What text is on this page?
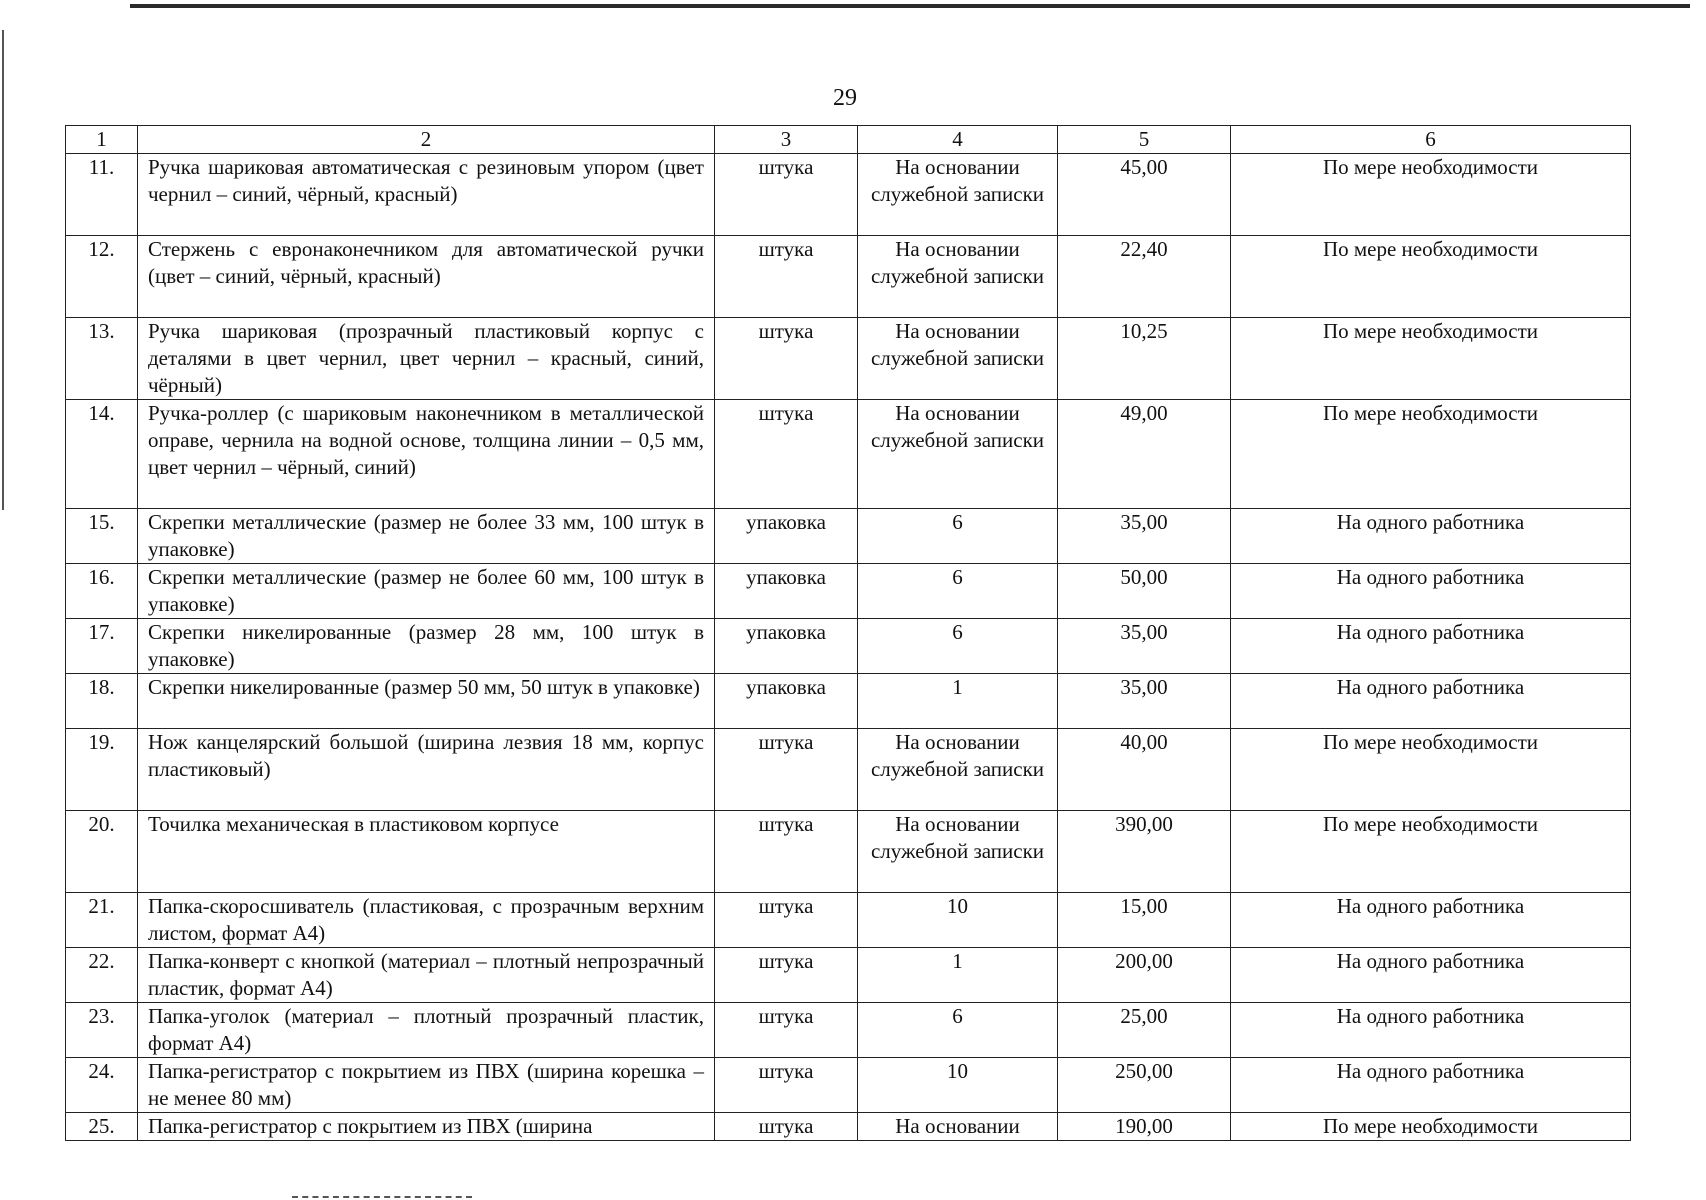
29
1	2	3	4	5	6
11.	Ручка шариковая автоматическая с резиновым упором (цвет чернил – синий, чёрный, красный)	штука	На основании служебной записки	45,00	По мере необходимости
12.	Стержень с евронаконечником для автоматической ручки (цвет – синий, чёрный, красный)	штука	На основании служебной записки	22,40	По мере необходимости
13.	Ручка шариковая (прозрачный пластиковый корпус с деталями в цвет чернил, цвет чернил – красный, синий, чёрный)	штука	На основании служебной записки	10,25	По мере необходимости
14.	Ручка-роллер (с шариковым наконечником в металлической оправе, чернила на водной основе, толщина линии – 0,5 мм, цвет чернил – чёрный, синий)	штука	На основании служебной записки	49,00	По мере необходимости
15.	Скрепки металлические (размер не более 33 мм, 100 штук в упаковке)	упаковка	6	35,00	На одного работника
16.	Скрепки металлические (размер не более 60 мм, 100 штук в упаковке)	упаковка	6	50,00	На одного работника
17.	Скрепки никелированные (размер 28 мм, 100 штук в упаковке)	упаковка	6	35,00	На одного работника
18.	Скрепки никелированные (размер 50 мм, 50 штук в упаковке)	упаковка	1	35,00	На одного работника
19.	Нож канцелярский большой (ширина лезвия 18 мм, корпус пластиковый)	штука	На основании служебной записки	40,00	По мере необходимости
20.	Точилка механическая в пластиковом корпусе	штука	На основании служебной записки	390,00	По мере необходимости
21.	Папка-скоросшиватель (пластиковая, с прозрачным верхним листом, формат А4)	штука	10	15,00	На одного работника
22.	Папка-конверт с кнопкой (материал – плотный непрозрачный пластик, формат А4)	штука	1	200,00	На одного работника
23.	Папка-уголок (материал – плотный прозрачный пластик, формат А4)	штука	6	25,00	На одного работника
24.	Папка-регистратор с покрытием из ПВХ (ширина корешка – не менее 80 мм)	штука	10	250,00	На одного работника
25.	Папка-регистратор с покрытием из ПВХ (ширина	штука	На основании	190,00	По мере необходимости
